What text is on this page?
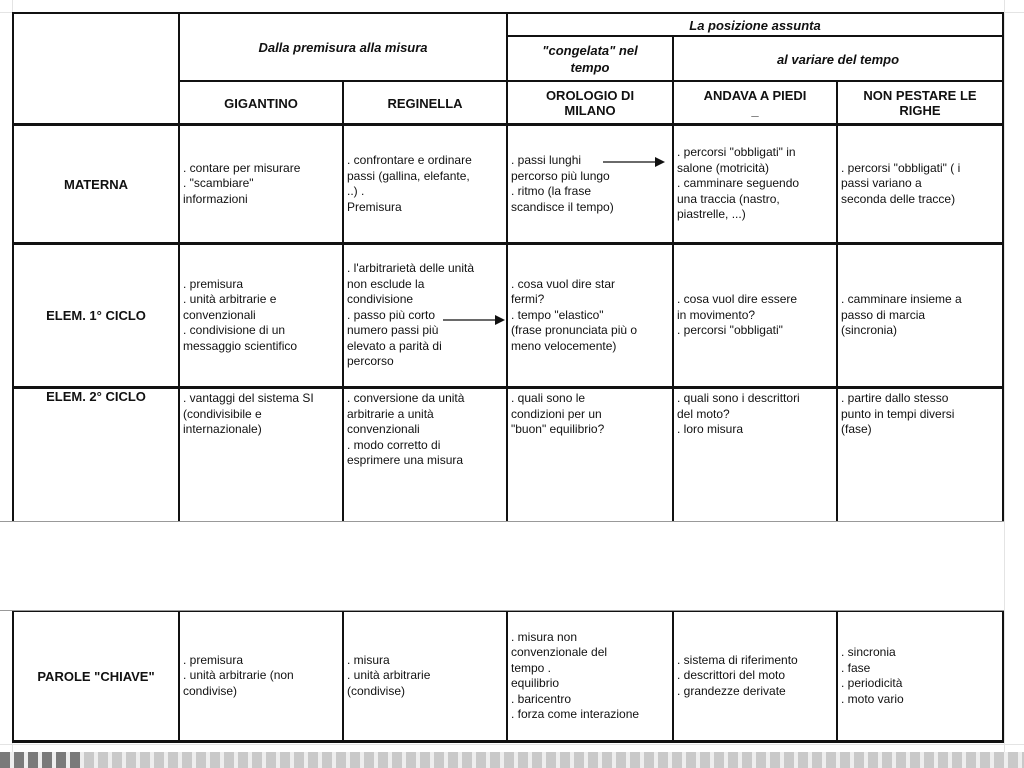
Dalla premisura alla misura
La posizione assunta
"congelata" nel
tempo
al variare del tempo
GIGANTINO	REGINELLA	OROLOGIO DI
MILANO
ANDAVA A PIEDI
_
NON PESTARE LE
RIGHE
MATERNA
ELEM. 1° CICLO
ELEM. 2° CICLO
PAROLE "CHIAVE"
. contare per misurare
. "scambiare"
informazioni
. confrontare e ordinare
passi (gallina, elefante,
..) .
Premisura
. passi lunghi
percorso più lungo
. ritmo (la frase
scandisce il tempo)
. percorsi "obbligati" in
salone (motricità)
. camminare seguendo
una traccia (nastro,
piastrelle, ...)
. percorsi "obbligati" ( i
passi variano a
seconda delle tracce)
. premisura
. unità arbitrarie e
convenzionali
. condivisione di un
messaggio scientifico
. l'arbitrarietà delle unità
non esclude la
condivisione
. passo più corto
numero passi più
elevato a parità di
percorso
. cosa vuol dire star
fermi?
. tempo "elastico"
(frase pronunciata più o
meno velocemente)
. cosa vuol dire essere
in movimento?
. percorsi "obbligati"
. camminare insieme a
passo di marcia
(sincronia)
. vantaggi del sistema SI
(condivisibile e
internazionale)
. conversione da unità
arbitrarie a unità
convenzionali
. modo corretto di
esprimere una misura
. quali sono le
condizioni per un
"buon" equilibrio?
. quali sono i descrittori
del moto?
. loro misura
. partire dallo stesso
punto in tempi diversi
(fase)
. premisura
. unità arbitrarie (non
condivise)
. misura
. unità arbitrarie
(condivise)
. misura non
convenzionale del
tempo .
equilibrio
. baricentro
. forza come interazione
. sistema di riferimento
. descrittori del moto
. grandezze derivate
. sincronia
. fase
. periodicità
. moto vario
